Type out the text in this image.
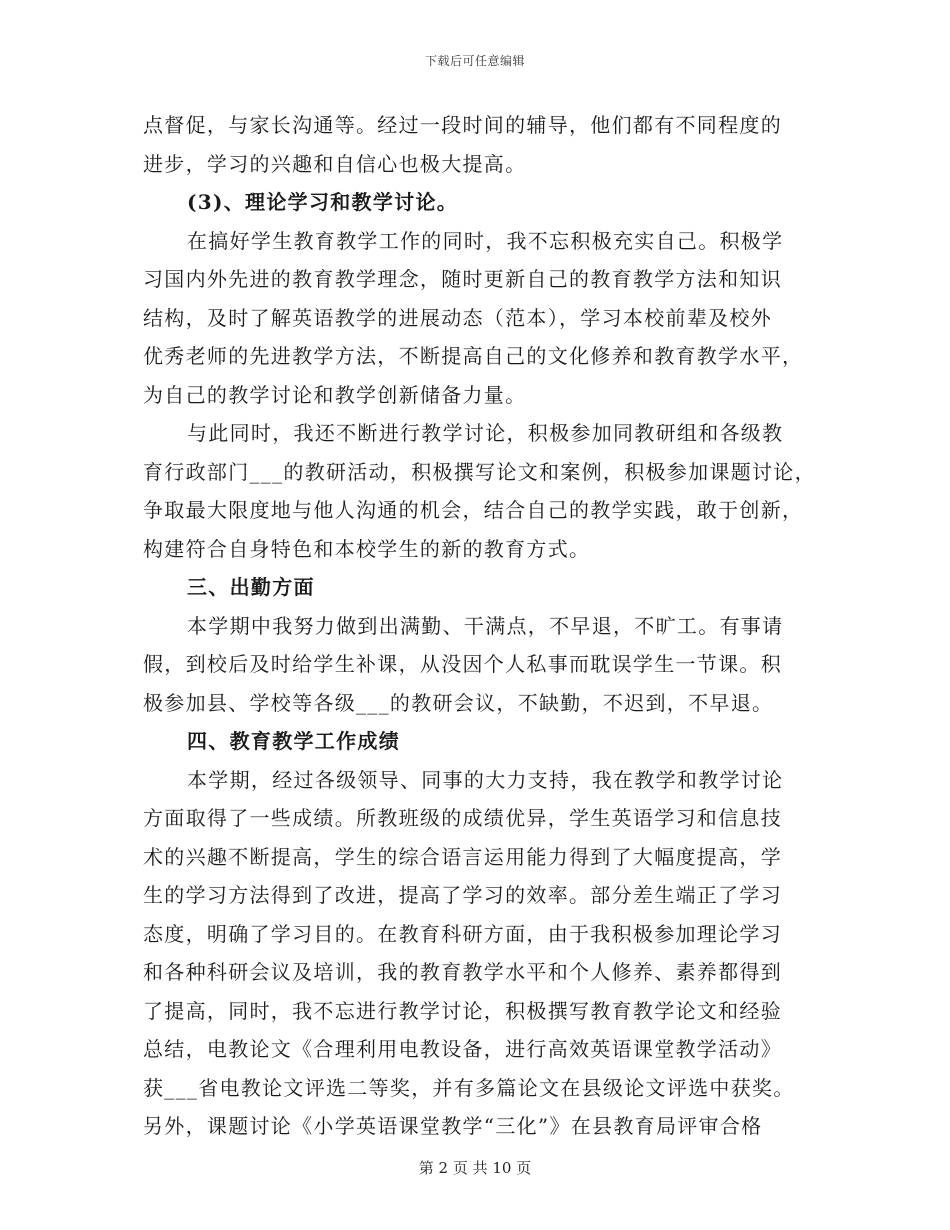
下载后可任意编辑
点督促，与家长沟通等。经过一段时间的辅导，他们都有不同程度的
进步，学习的兴趣和自信心也极大提高。
(3)、理论学习和教学讨论。
在搞好学生教育教学工作的同时，我不忘积极充实自己。积极学
习国内外先进的教育教学理念，随时更新自己的教育教学方法和知识
结构，及时了解英语教学的进展动态（范本），学习本校前辈及校外
优秀老师的先进教学方法，不断提高自己的文化修养和教育教学水平，
为自己的教学讨论和教学创新储备力量。
与此同时，我还不断进行教学讨论，积极参加同教研组和各级教
育行政部门___的教研活动，积极撰写论文和案例，积极参加课题讨论，
争取最大限度地与他人沟通的机会，结合自己的教学实践，敢于创新，
构建符合自身特色和本校学生的新的教育方式。
三、出勤方面
本学期中我努力做到出满勤、干满点，不早退，不旷工。有事请
假，到校后及时给学生补课，从没因个人私事而耽误学生一节课。积
极参加县、学校等各级___的教研会议，不缺勤，不迟到，不早退。
四、教育教学工作成绩
本学期，经过各级领导、同事的大力支持，我在教学和教学讨论
方面取得了一些成绩。所教班级的成绩优异，学生英语学习和信息技
术的兴趣不断提高，学生的综合语言运用能力得到了大幅度提高，学
生的学习方法得到了改进，提高了学习的效率。部分差生端正了学习
态度，明确了学习目的。在教育科研方面，由于我积极参加理论学习
和各种科研会议及培训，我的教育教学水平和个人修养、素养都得到
了提高，同时，我不忘进行教学讨论，积极撰写教育教学论文和经验
总结，电教论文《合理利用电教设备，进行高效英语课堂教学活动》
获___省电教论文评选二等奖，并有多篇论文在县级论文评选中获奖。
另外，课题讨论《小学英语课堂教学“三化”》在县教育局评审合格
第 2 页 共 10 页
